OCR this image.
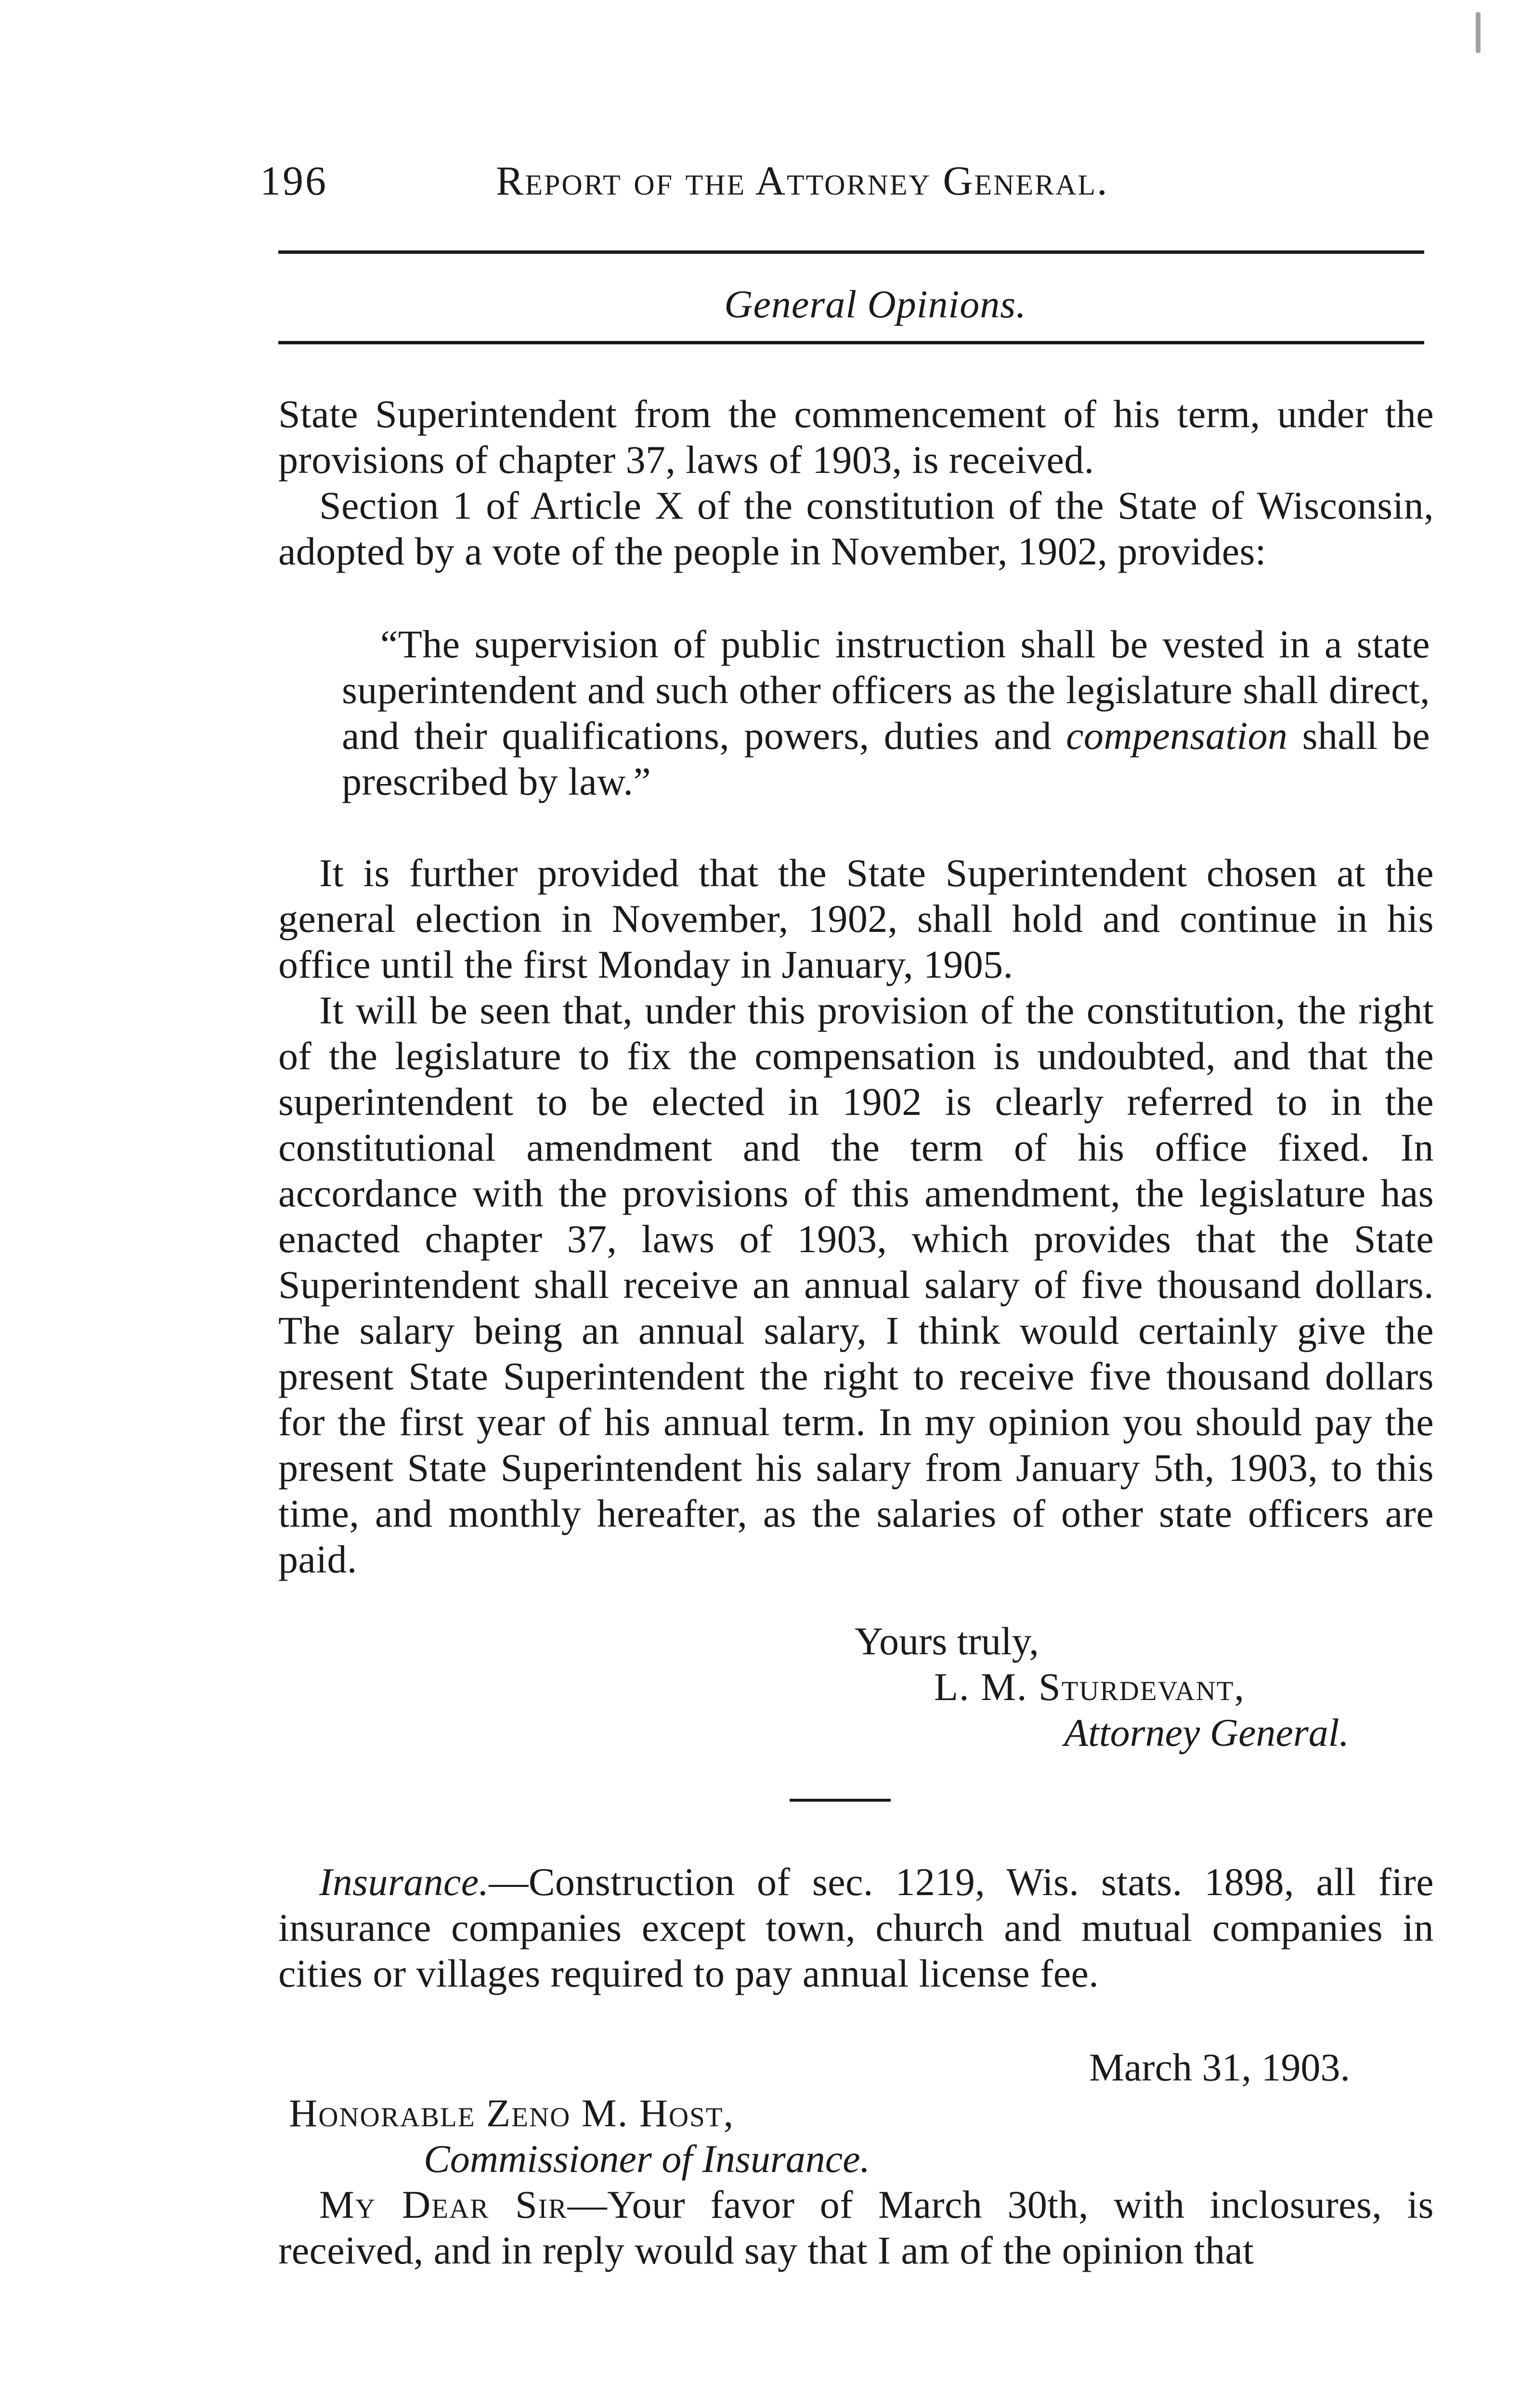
196	Report of the Attorney General.
General Opinions.
State Superintendent from the commencement of his term, under the provisions of chapter 37, laws of 1903, is received.
Section 1 of Article X of the constitution of the State of Wisconsin, adopted by a vote of the people in November, 1902, provides:
“The supervision of public instruction shall be vested in a state superintendent and such other officers as the legislature shall direct, and their qualifications, powers, duties and compensation shall be prescribed by law.”
It is further provided that the State Superintendent chosen at the general election in November, 1902, shall hold and continue in his office until the first Monday in January, 1905.
It will be seen that, under this provision of the constitution, the right of the legislature to fix the compensation is undoubted, and that the superintendent to be elected in 1902 is clearly referred to in the constitutional amendment and the term of his office fixed. In accordance with the provisions of this amendment, the legislature has enacted chapter 37, laws of 1903, which provides that the State Superintendent shall receive an annual salary of five thousand dollars. The salary being an annual salary, I think would certainly give the present State Superintendent the right to receive five thousand dollars for the first year of his annual term. In my opinion you should pay the present State Superintendent his salary from January 5th, 1903, to this time, and monthly hereafter, as the salaries of other state officers are paid.
Yours truly,
L. M. Sturdevant,
Attorney General.
Insurance.—Construction of sec. 1219, Wis. stats. 1898, all fire insurance companies except town, church and mutual companies in cities or villages required to pay annual license fee.
March 31, 1903.
Honorable Zeno M. Host,
Commissioner of Insurance.
My Dear Sir—Your favor of March 30th, with inclosures, is received, and in reply would say that I am of the opinion that
